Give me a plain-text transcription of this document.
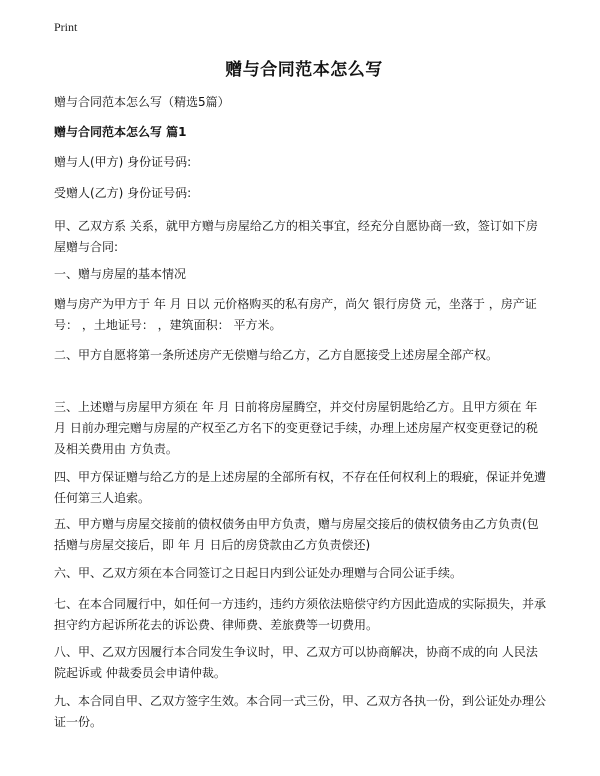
Print
赠与合同范本怎么写

赠与合同范本怎么写（精选5篇）

赠与合同范本怎么写 篇1

赠与人(甲方) 身份证号码:

受赠人(乙方) 身份证号码:

甲、乙双方系 关系，就甲方赠与房屋给乙方的相关事宜，经充分自愿协商一致，签订如下房屋赠与合同:

一、赠与房屋的基本情况

赠与房产为甲方于 年 月 日以 元价格购买的私有房产，尚欠 银行房贷 元，坐落于 ，房产证号： ，土地证号： ，建筑面积： 平方米。

二、甲方自愿将第一条所述房产无偿赠与给乙方，乙方自愿接受上述房屋全部产权。

三、上述赠与房屋甲方须在 年 月 日前将房屋腾空，并交付房屋钥匙给乙方。且甲方须在 年 月 日前办理完赠与房屋的产权至乙方名下的变更登记手续，办理上述房屋产权变更登记的税及相关费用由 方负责。

四、甲方保证赠与给乙方的是上述房屋的全部所有权，不存在任何权利上的瑕疵，保证并免遭任何第三人追索。

五、甲方赠与房屋交接前的债权债务由甲方负责，赠与房屋交接后的债权债务由乙方负责(包括赠与房屋交接后，即 年 月 日后的房贷款由乙方负责偿还)

六、甲、乙双方须在本合同签订之日起日内到公证处办理赠与合同公证手续。

七、在本合同履行中，如任何一方违约，违约方须依法赔偿守约方因此造成的实际损失，并承担守约方起诉所花去的诉讼费、律师费、差旅费等一切费用。

八、甲、乙双方因履行本合同发生争议时，甲、乙双方可以协商解决，协商不成的向 人民法院起诉或 仲裁委员会申请仲裁。

九、本合同自甲、乙双方签字生效。本合同一式三份，甲、乙双方各执一份，到公证处办理公证一份。
